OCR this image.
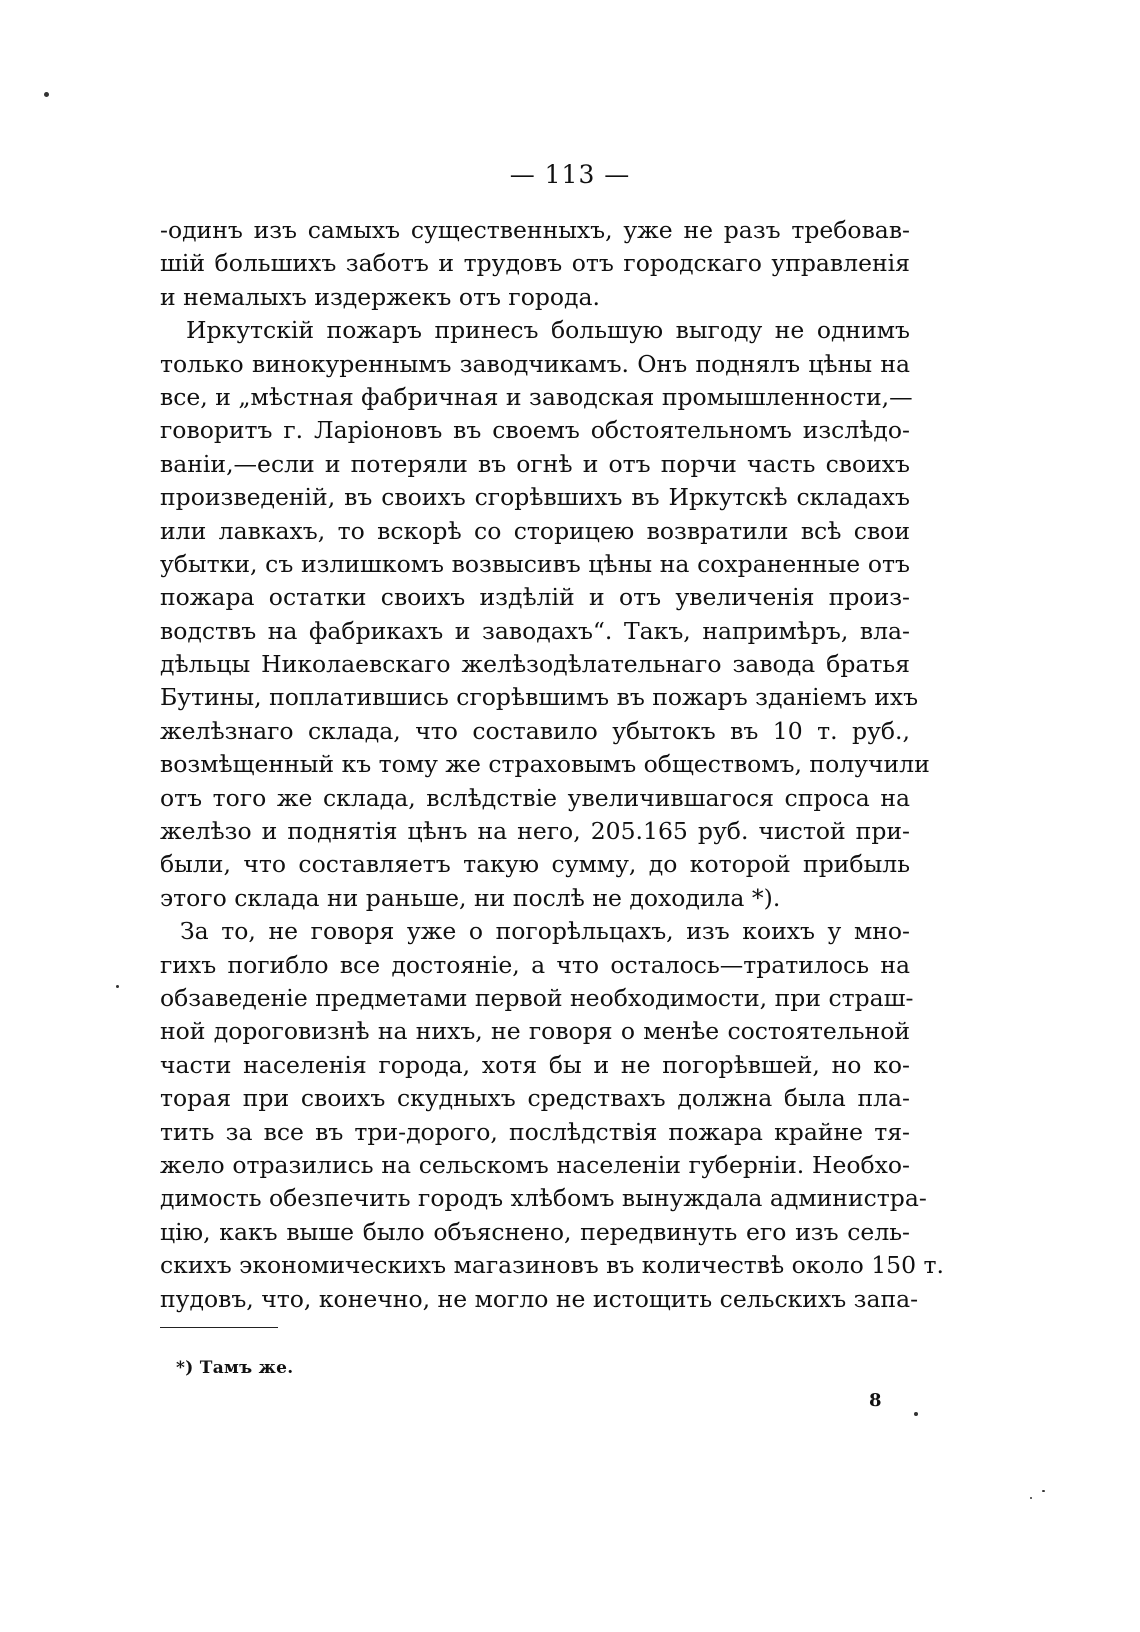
— 113 —
-одинъ изъ самыхъ существенныхъ, уже не разъ требовав-
шій большихъ заботъ и трудовъ отъ городскаго управленія
и немалыхъ издержекъ отъ города.
Иркутскій пожаръ принесъ большую выгоду не однимъ
только винокуреннымъ заводчикамъ. Онъ поднялъ цѣны на
все, и „мѣстная фабричная и заводская промышленности,—
говоритъ г. Ларіоновъ въ своемъ обстоятельномъ изслѣдо-
ваніи,—если и потеряли въ огнѣ и отъ порчи часть своихъ
произведеній, въ своихъ сгорѣвшихъ въ Иркутскѣ складахъ
или лавкахъ, то вскорѣ со сторицею возвратили всѣ свои
убытки, съ излишкомъ возвысивъ цѣны на сохраненные отъ
пожара остатки своихъ издѣлій и отъ увеличенія произ-
водствъ на фабрикахъ и заводахъ“. Такъ, напримѣръ, вла-
дѣльцы Николаевскаго желѣзодѣлательнаго завода братья
Бутины, поплатившись сгорѣвшимъ въ пожаръ зданіемъ ихъ
желѣзнаго склада, что составило убытокъ въ 10 т. руб.,
возмѣщенный къ тому же страховымъ обществомъ, получили
отъ того же склада, вслѣдствіе увеличившагося спроса на
желѣзо и поднятія цѣнъ на него, 205.165 руб. чистой при-
были, что составляетъ такую сумму, до которой прибыль
этого склада ни раньше, ни послѣ не доходила *).
За то, не говоря уже о погорѣльцахъ, изъ коихъ у мно-
гихъ погибло все достояніе, а что осталось—тратилось на
обзаведеніе предметами первой необходимости, при страш-
ной дороговизнѣ на нихъ, не говоря о менѣе состоятельной
части населенія города, хотя бы и не погорѣвшей, но ко-
торая при своихъ скудныхъ средствахъ должна была пла-
тить за все въ три-дорого, послѣдствія пожара крайне тя-
жело отразились на сельскомъ населеніи губерніи. Необхо-
димость обезпечить городъ хлѣбомъ вынуждала администра-
цію, какъ выше было объяснено, передвинуть его изъ сель-
скихъ экономическихъ магазиновъ въ количествѣ около 150 т.
пудовъ, что, конечно, не могло не истощить сельскихъ запа-
*) Тамъ же.
8
